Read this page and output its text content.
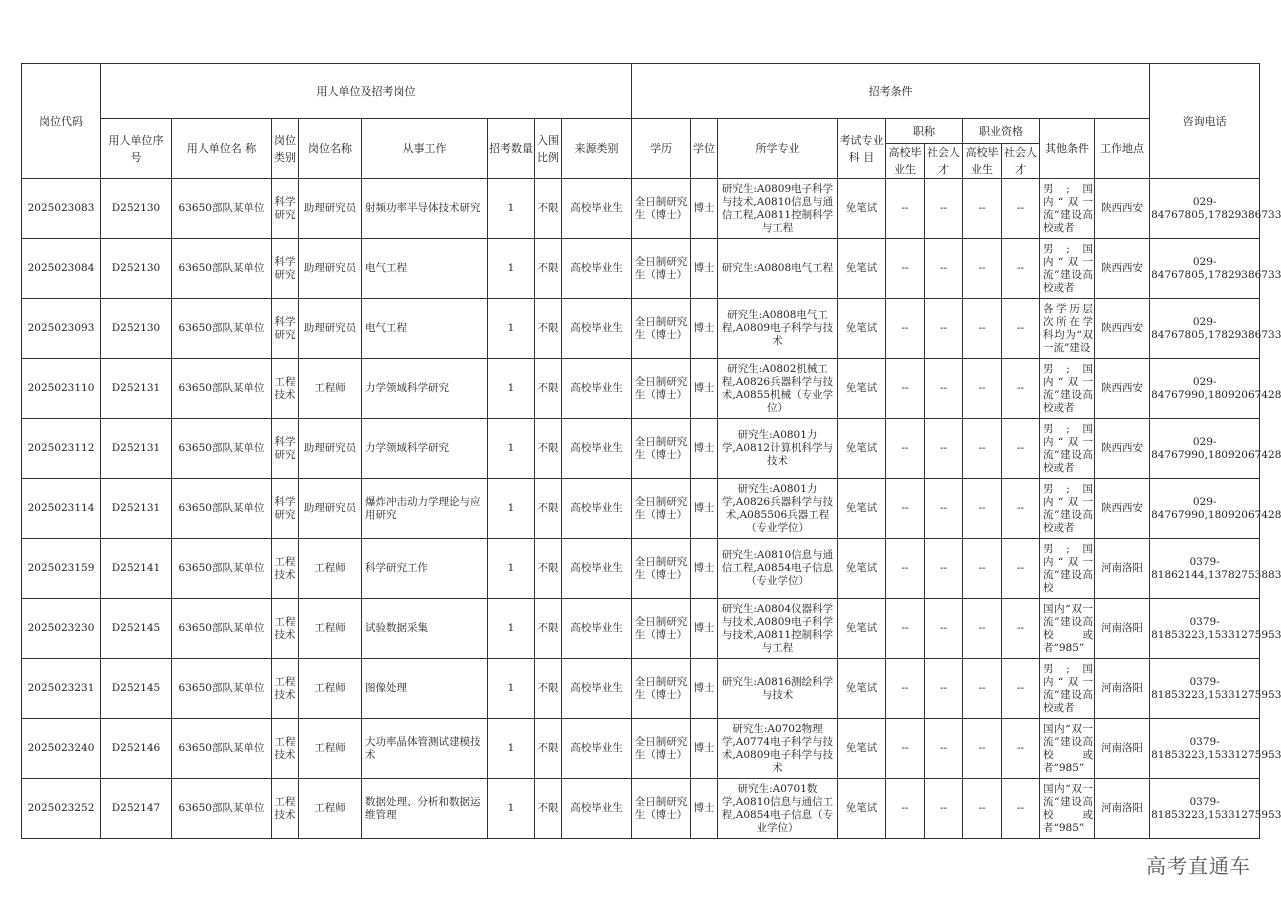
岗位代码	用人单位及招考岗位								招考条件										咨询电话
	用人单位序 号	用人单位名 称	岗位类别	岗位名称	从事工作	招考数量	入围比例	来源类别	学历	学位	所学专业	考试专业科 目	职称		职业资格		其他条件	工作地点	
													高校毕业生	社会人才	高校毕业生	社会人才			
2025023083	D252130	63650部队某单位	科学研究	助理研究员	射频功率半导体技术研究	1	不限	高校毕业生	全日制研究生（博士）	博士	研究生:A0809电子科学与技术,A0810信息与通信工程,A0811控制科学与工程	免笔试	--	--	--	--	男;国内“双一流”建设高校或者	陕西西安	029-84767805,17829386733
2025023084	D252130	63650部队某单位	科学研究	助理研究员	电气工程	1	不限	高校毕业生	全日制研究生（博士）	博士	研究生:A0808电气工程	免笔试	--	--	--	--	男;国内“双一流”建设高校或者	陕西西安	029-84767805,17829386733
2025023093	D252130	63650部队某单位	科学研究	助理研究员	电气工程	1	不限	高校毕业生	全日制研究生（博士）	博士	研究生:A0808电气工程,A0809电子科学与技术	免笔试	--	--	--	--	各学历层次所在学科均为“双一流”建设	陕西西安	029-84767805,17829386733
2025023110	D252131	63650部队某单位	工程技术	工程师	力学领域科学研究	1	不限	高校毕业生	全日制研究生（博士）	博士	研究生:A0802机械工程,A0826兵器科学与技术,A0855机械（专业学位）	免笔试	--	--	--	--	男;国内“双一流”建设高校或者	陕西西安	029-84767990,18092067428
2025023112	D252131	63650部队某单位	科学研究	助理研究员	力学领域科学研究	1	不限	高校毕业生	全日制研究生（博士）	博士	研究生:A0801力学,A0812计算机科学与技术	免笔试	--	--	--	--	男;国内“双一流”建设高校或者	陕西西安	029-84767990,18092067428
2025023114	D252131	63650部队某单位	科学研究	助理研究员	爆炸冲击动力学理论与应用研究	1	不限	高校毕业生	全日制研究生（博士）	博士	研究生:A0801力学,A0826兵器科学与技术,A085506兵器工程（专业学位）	免笔试	--	--	--	--	男;国内“双一流”建设高校或者	陕西西安	029-84767990,18092067428
2025023159	D252141	63650部队某单位	工程技术	工程师	科学研究工作	1	不限	高校毕业生	全日制研究生（博士）	博士	研究生:A0810信息与通信工程,A0854电子信息（专业学位）	免笔试	--	--	--	--	男;国内“双一流”建设高校	河南洛阳	0379-81862144,13782753883
2025023230	D252145	63650部队某单位	工程技术	工程师	试验数据采集	1	不限	高校毕业生	全日制研究生（博士）	博士	研究生:A0804仪器科学与技术,A0809电子科学与技术,A0811控制科学与工程	免笔试	--	--	--	--	国内“双一流”建设高校或者“985”	河南洛阳	0379-81853223,15331275953
2025023231	D252145	63650部队某单位	工程技术	工程师	图像处理	1	不限	高校毕业生	全日制研究生（博士）	博士	研究生:A0816测绘科学与技术	免笔试	--	--	--	--	男;国内“双一流”建设高校或者	河南洛阳	0379-81853223,15331275953
2025023240	D252146	63650部队某单位	工程技术	工程师	大功率晶体管测试建模技术	1	不限	高校毕业生	全日制研究生（博士）	博士	研究生:A0702物理学,A0774电子科学与技术,A0809电子科学与技术	免笔试	--	--	--	--	国内“双一流”建设高校或者“985”	河南洛阳	0379-81853223,15331275953
2025023252	D252147	63650部队某单位	工程技术	工程师	数据处理、分析和数据运维管理	1	不限	高校毕业生	全日制研究生（博士）	博士	研究生:A0701数学,A0810信息与通信工程,A0854电子信息（专业学位）	免笔试	--	--	--	--	国内“双一流”建设高校或者“985”	河南洛阳	0379-81853223,15331275953
高考直通车
